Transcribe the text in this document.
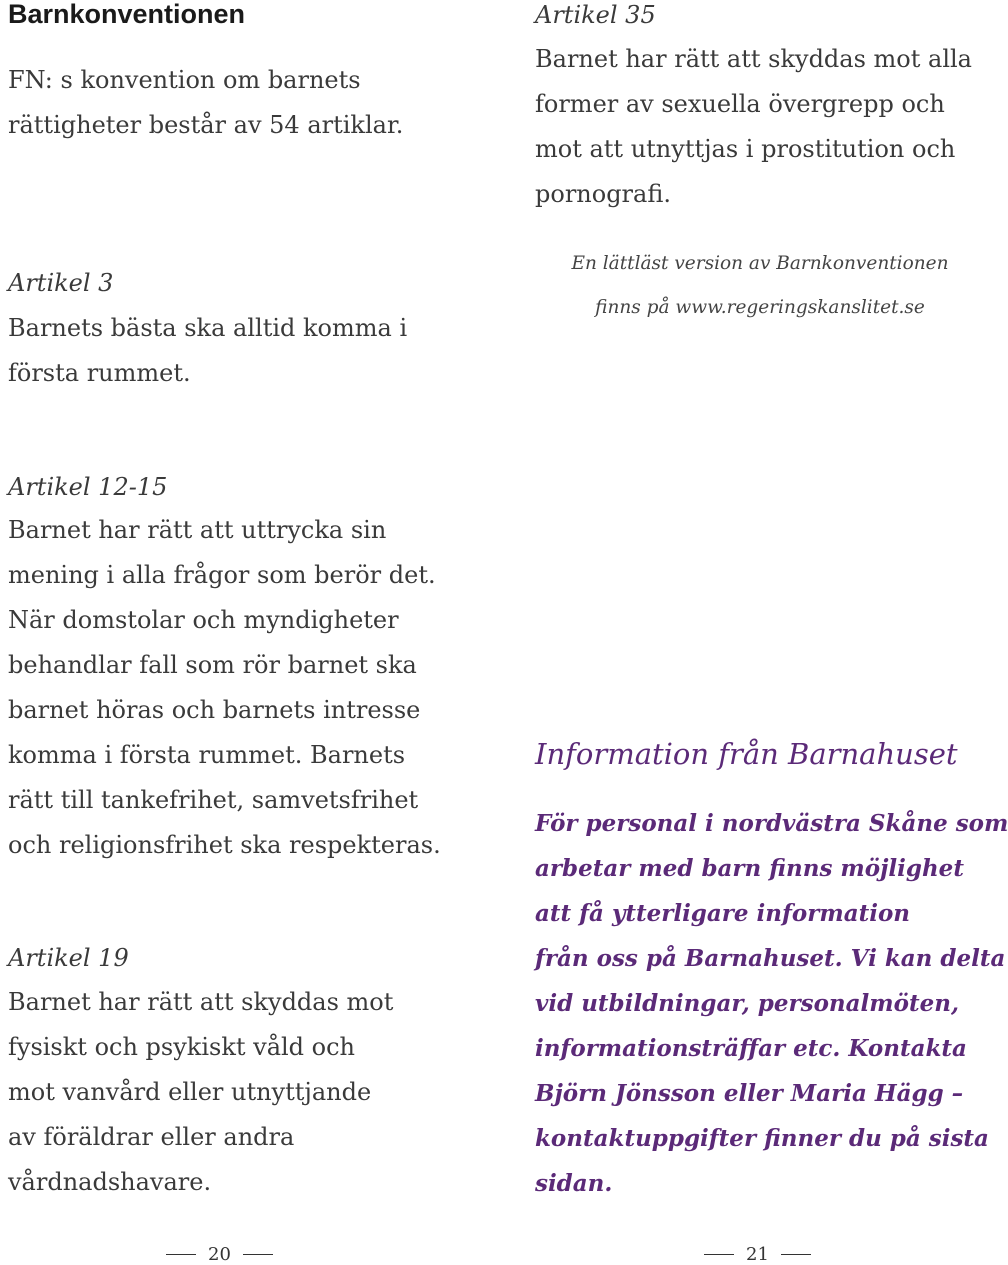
Barnkonventionen
FN: s konvention om barnets
rättigheter består av 54 artiklar.
Artikel 3
Barnets bästa ska alltid komma i
första rummet.
Artikel 12-15
Barnet har rätt att uttrycka sin
mening i alla frågor som berör det.
När domstolar och myndigheter
behandlar fall som rör barnet ska
barnet höras och barnets intresse
komma i första rummet. Barnets
rätt till tankefrihet, samvetsfrihet
och religionsfrihet ska respekteras.
Artikel 19
Barnet har rätt att skyddas mot
fysiskt och psykiskt våld och
mot vanvård eller utnyttjande
av föräldrar eller andra
vårdnadshavare.
20
Artikel 35
Barnet har rätt att skyddas mot alla
former av sexuella övergrepp och
mot att utnyttjas i prostitution och
pornografi.
En lättläst version av Barnkonventionen
finns på www.regeringskanslitet.se
Information från Barnahuset
För personal i nordvästra Skåne som
arbetar med barn finns möjlighet
att få ytterligare information
från oss på Barnahuset. Vi kan delta
vid utbildningar, personalmöten,
informationsträffar etc. Kontakta
Björn Jönsson eller Maria Hägg –
kontaktuppgifter finner du på sista
sidan.
21
